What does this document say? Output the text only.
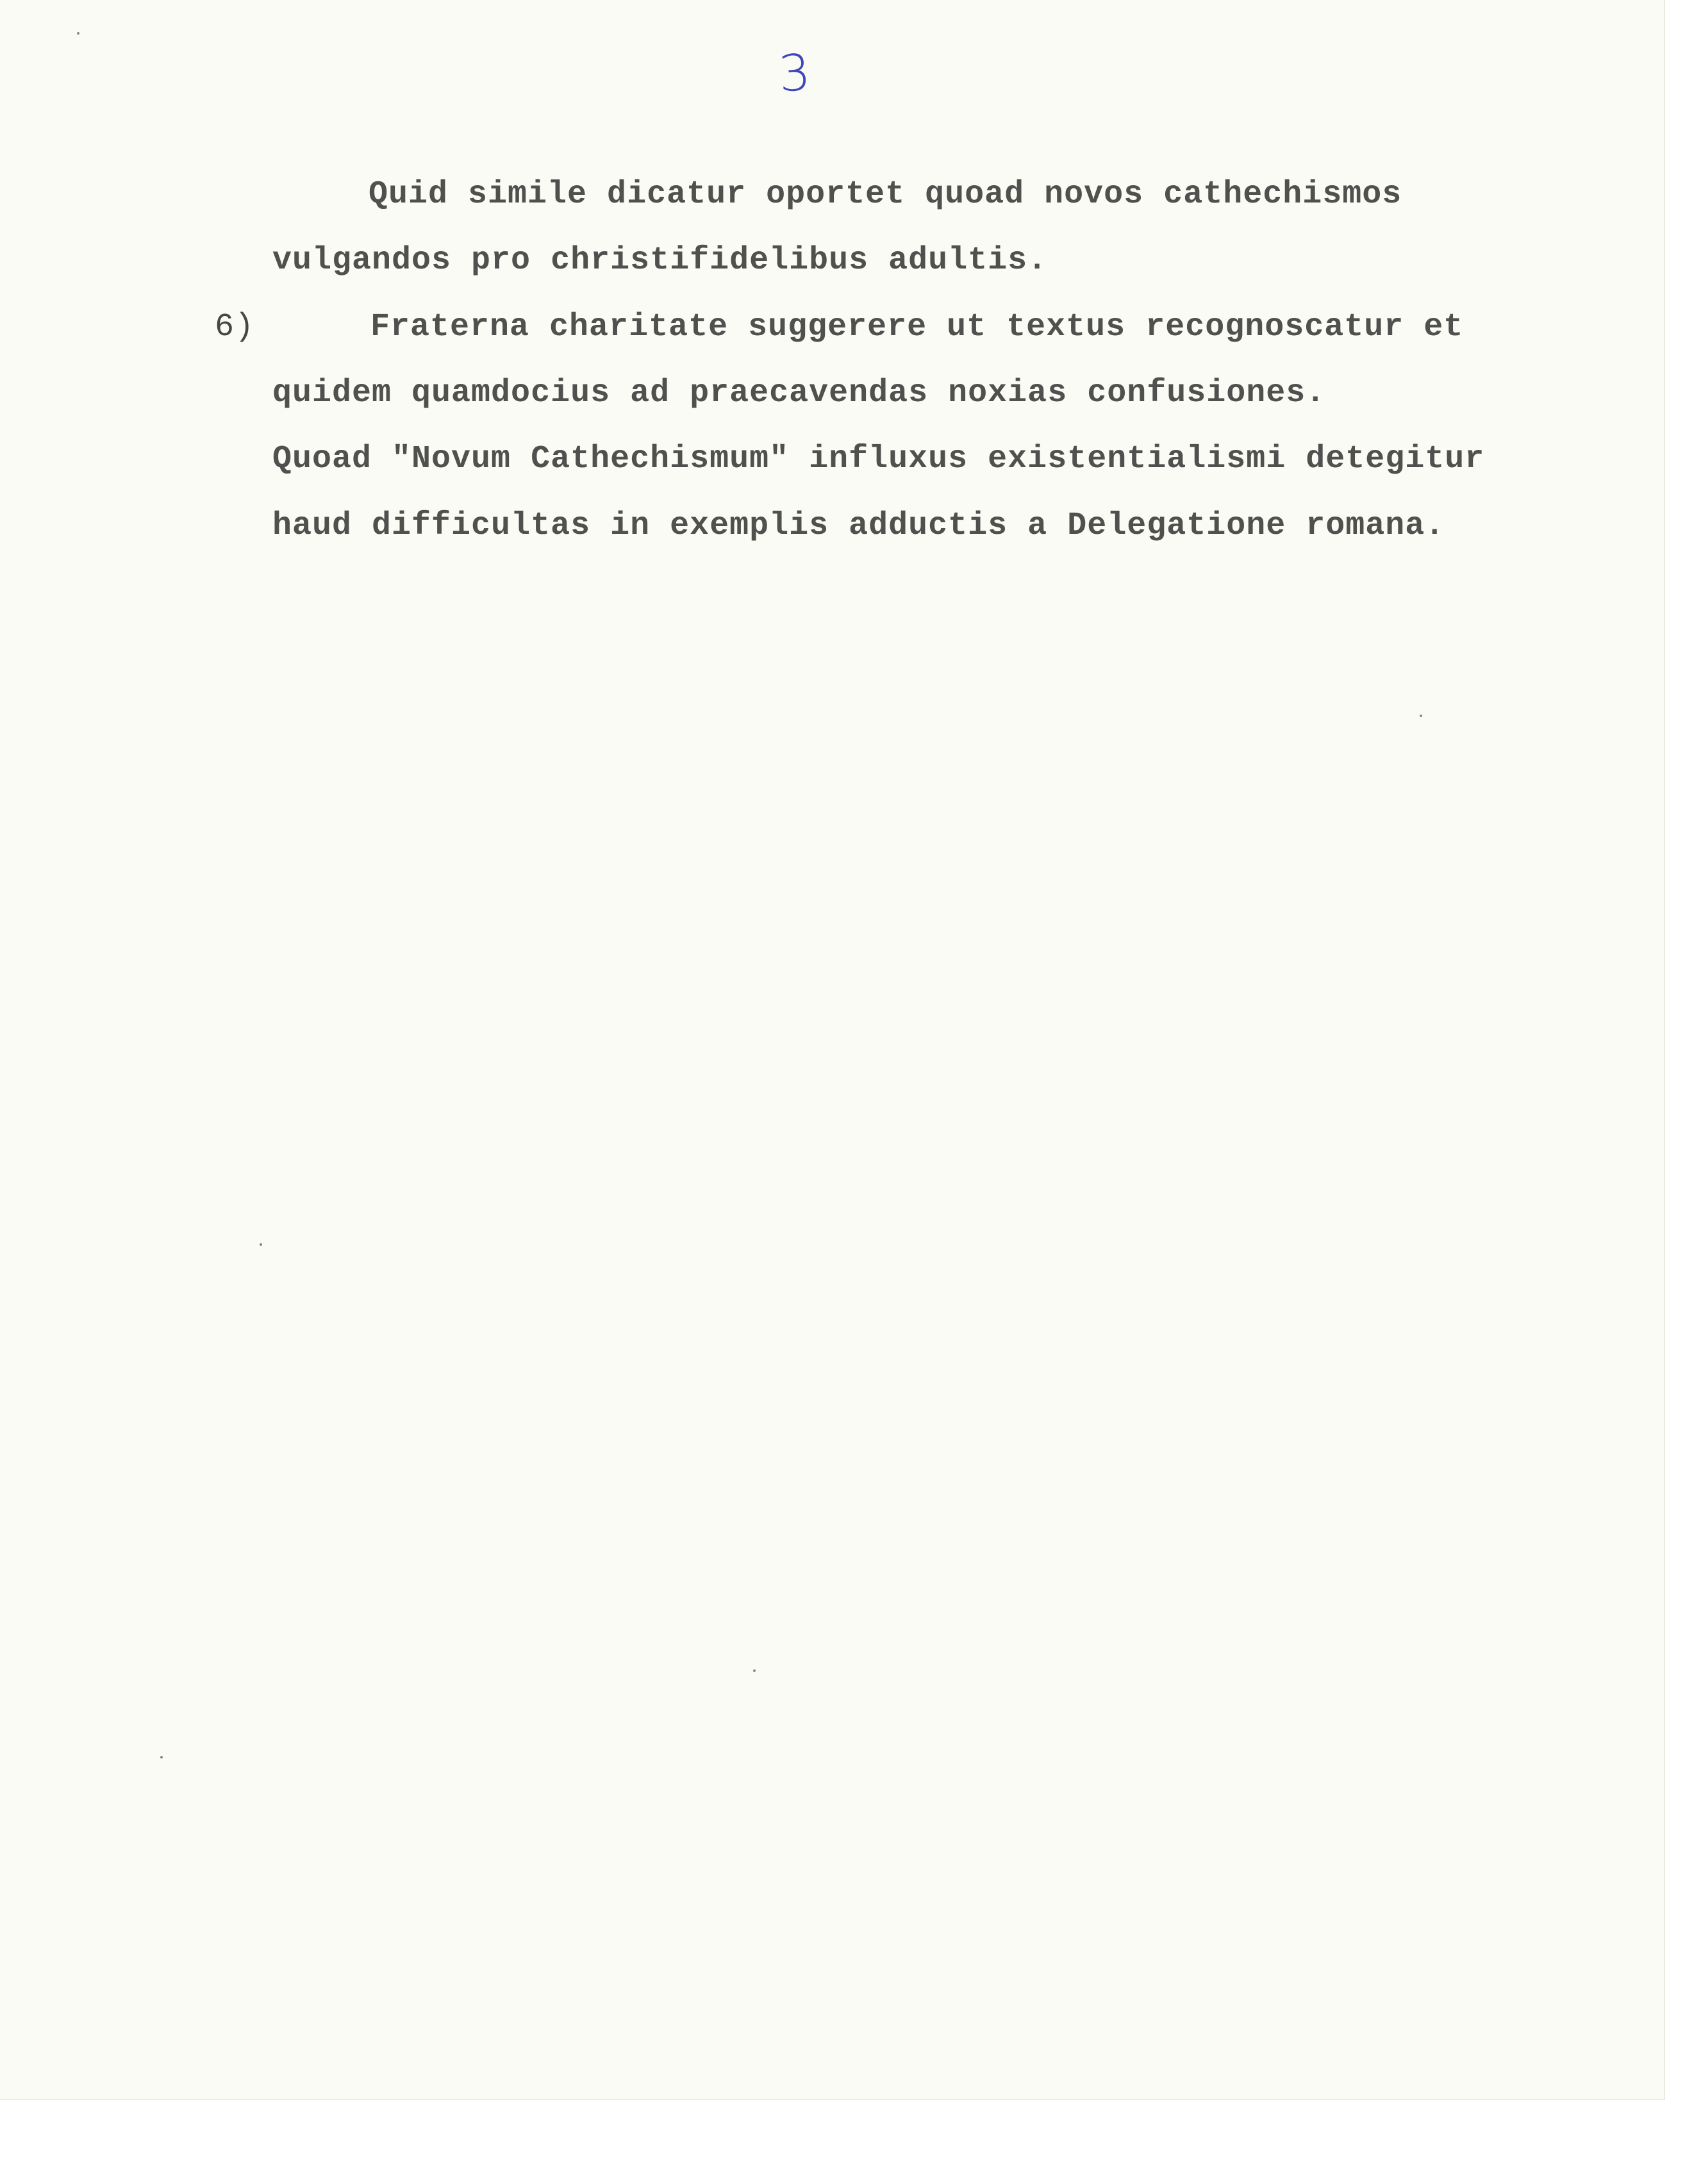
3
Quid simile dicatur oportet quoad novos cathechismos
vulgandos pro christifidelibus adultis.
6)	Fraterna charitate suggerere ut textus recognoscatur et
quidem quamdocius ad praecavendas noxias confusiones.
Quoad "Novum Cathechismum" influxus existentialismi detegitur
haud difficultas in exemplis adductis a Delegatione romana.
